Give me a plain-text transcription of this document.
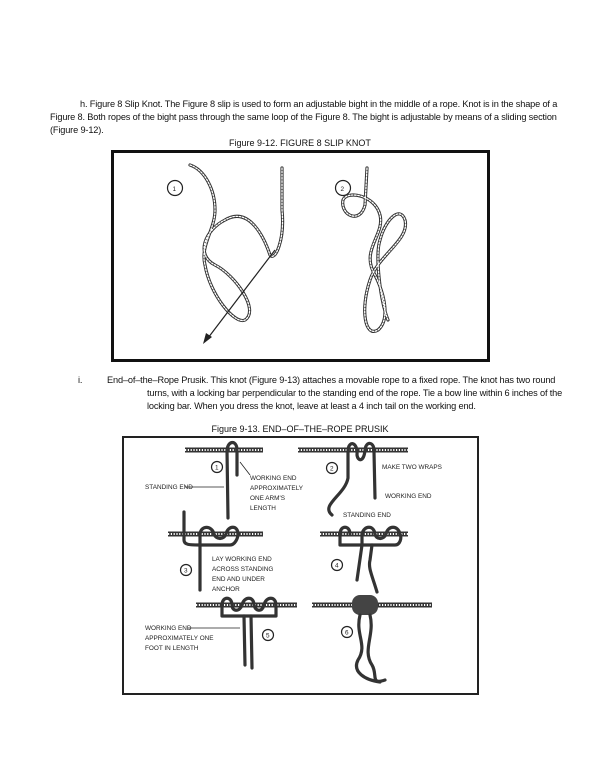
h. Figure 8 Slip Knot. The Figure 8 slip is used to form an adjustable bight in the middle of a rope. Knot is in the shape of a
Figure 8. Both ropes of the bight pass through the same loop of the Figure 8. The bight is adjustable by means of a sliding section
(Figure 9-12).
Figure 9-12. FIGURE 8 SLIP KNOT
1	2
i.	End–of–the–Rope Prusik. This knot (Figure 9-13) attaches a movable rope to a fixed rope. The knot has two round
turns, with a locking bar perpendicular to the standing end of the rope. Tie a bow line within 6 inches of the
locking bar. When you dress the knot, leave at least a 4 inch tail on the working end.
Figure 9-13. END–OF–THE–ROPE PRUSIK
1
STANDING END
WORKING END
APPROXIMATELY
ONE ARM'S
LENGTH
2	MAKE TWO WRAPS
WORKING END
STANDING END
3
LAY WORKING END
ACROSS STANDING
END AND UNDER
ANCHOR
4
5
WORKING END
APPROXIMATELY ONE
FOOT IN LENGTH
6
